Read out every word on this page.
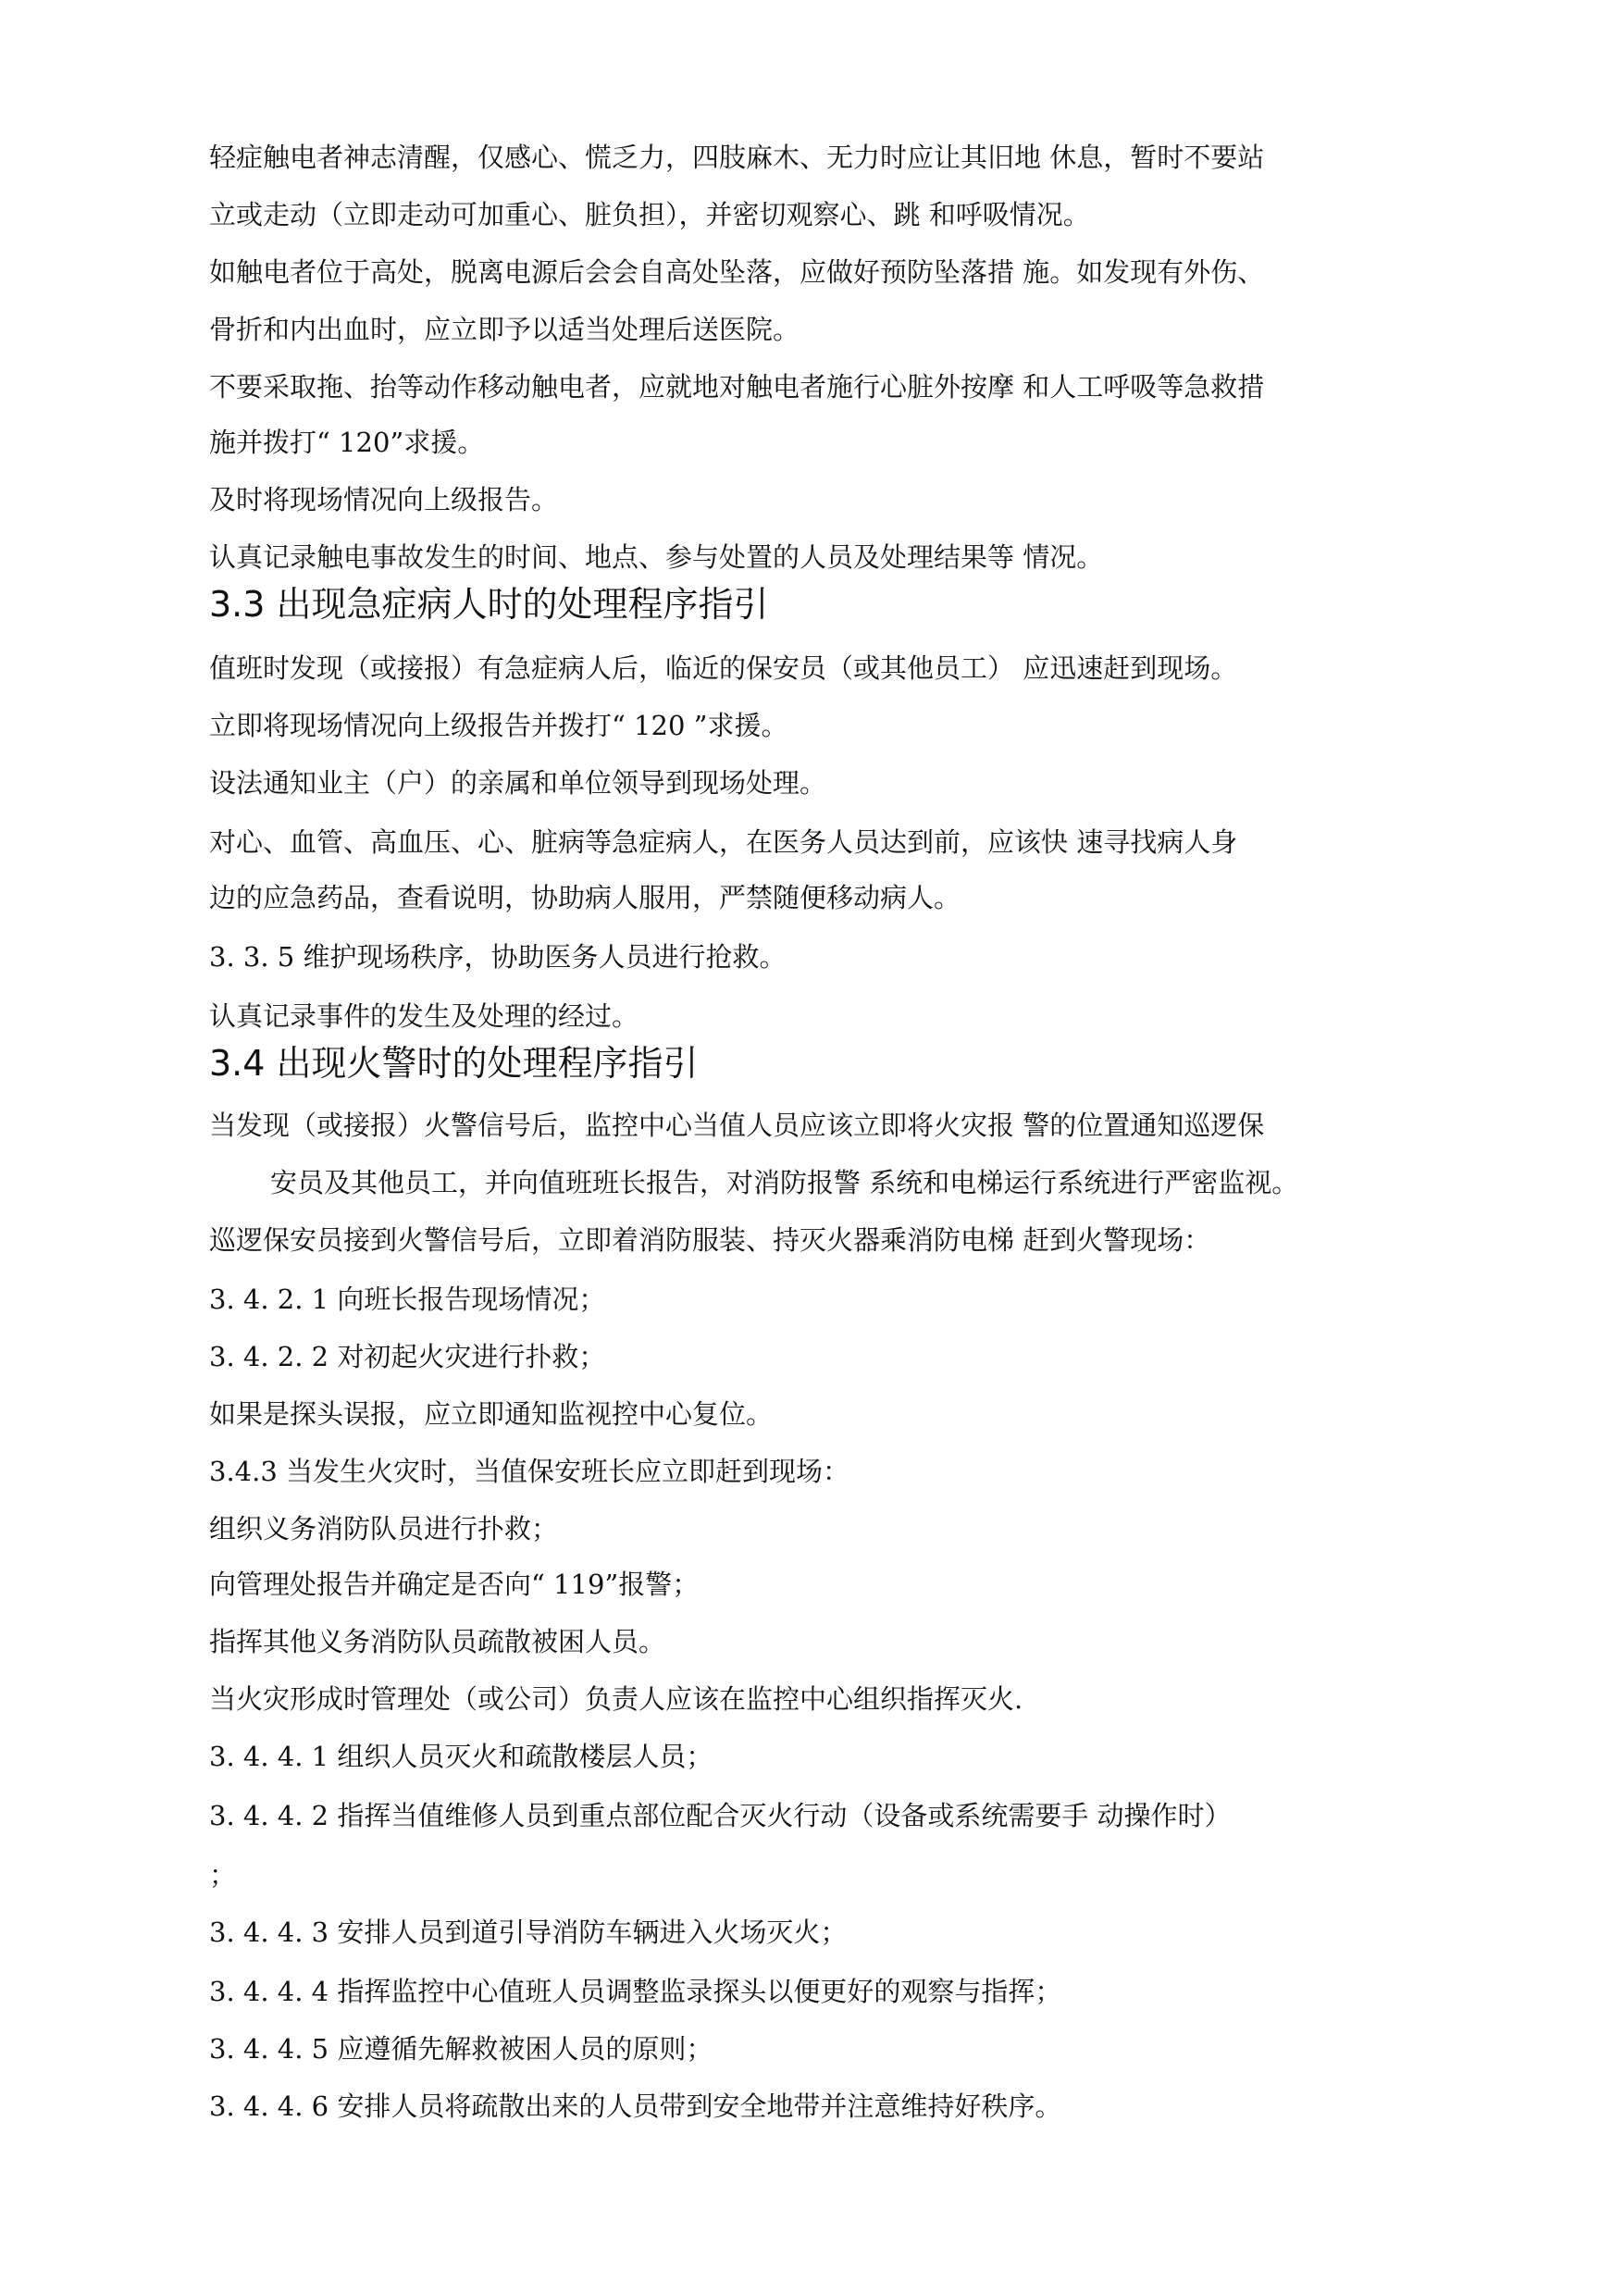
轻症触电者神志清醒，仅感心、慌乏力，四肢麻木、无力时应让其旧地 休息，暂时不要站

立或走动（立即走动可加重心、脏负担），并密切观察心、跳 和呼吸情况。

如触电者位于高处，脱离电源后会会自高处坠落，应做好预防坠落措 施。如发现有外伤、

骨折和内出血时，应立即予以适当处理后送医院。

不要采取拖、抬等动作移动触电者，应就地对触电者施行心脏外按摩 和人工呼吸等急救措

施并拨打“ 120”求援。

及时将现场情况向上级报告。

认真记录触电事故发生的时间、地点、参与处置的人员及处理结果等 情况。

3.3 出现急症病人时的处理程序指引

值班时发现（或接报）有急症病人后，临近的保安员（或其他员工） 应迅速赶到现场。

立即将现场情况向上级报告并拨打“ 120 ”求援。

设法通知业主（户）的亲属和单位领导到现场处理。

对心、血管、高血压、心、脏病等急症病人，在医务人员达到前，应该快 速寻找病人身

边的应急药品，查看说明，协助病人服用，严禁随便移动病人。

3. 3. 5 维护现场秩序，协助医务人员进行抢救。

认真记录事件的发生及处理的经过。

3.4 出现火警时的处理程序指引

当发现（或接报）火警信号后，监控中心当值人员应该立即将火灾报 警的位置通知巡逻保

安员及其他员工，并向值班班长报告，对消防报警 系统和电梯运行系统进行严密监视。

巡逻保安员接到火警信号后，立即着消防服装、持灭火器乘消防电梯 赶到火警现场：

3. 4. 2. 1 向班长报告现场情况；

3. 4. 2. 2 对初起火灾进行扑救；

如果是探头误报，应立即通知监视控中心复位。

3.4.3 当发生火灾时，当值保安班长应立即赶到现场：

组织义务消防队员进行扑救；

向管理处报告并确定是否向“ 119”报警；

指挥其他义务消防队员疏散被困人员。

当火灾形成时管理处（或公司）负责人应该在监控中心组织指挥灭火.

3. 4. 4. 1 组织人员灭火和疏散楼层人员；

3. 4. 4. 2 指挥当值维修人员到重点部位配合灭火行动（设备或系统需要手 动操作时）

；

3. 4. 4. 3 安排人员到道引导消防车辆进入火场灭火；

3. 4. 4. 4 指挥监控中心值班人员调整监录探头以便更好的观察与指挥；

3. 4. 4. 5 应遵循先解救被困人员的原则；

3. 4. 4. 6 安排人员将疏散出来的人员带到安全地带并注意维持好秩序。
